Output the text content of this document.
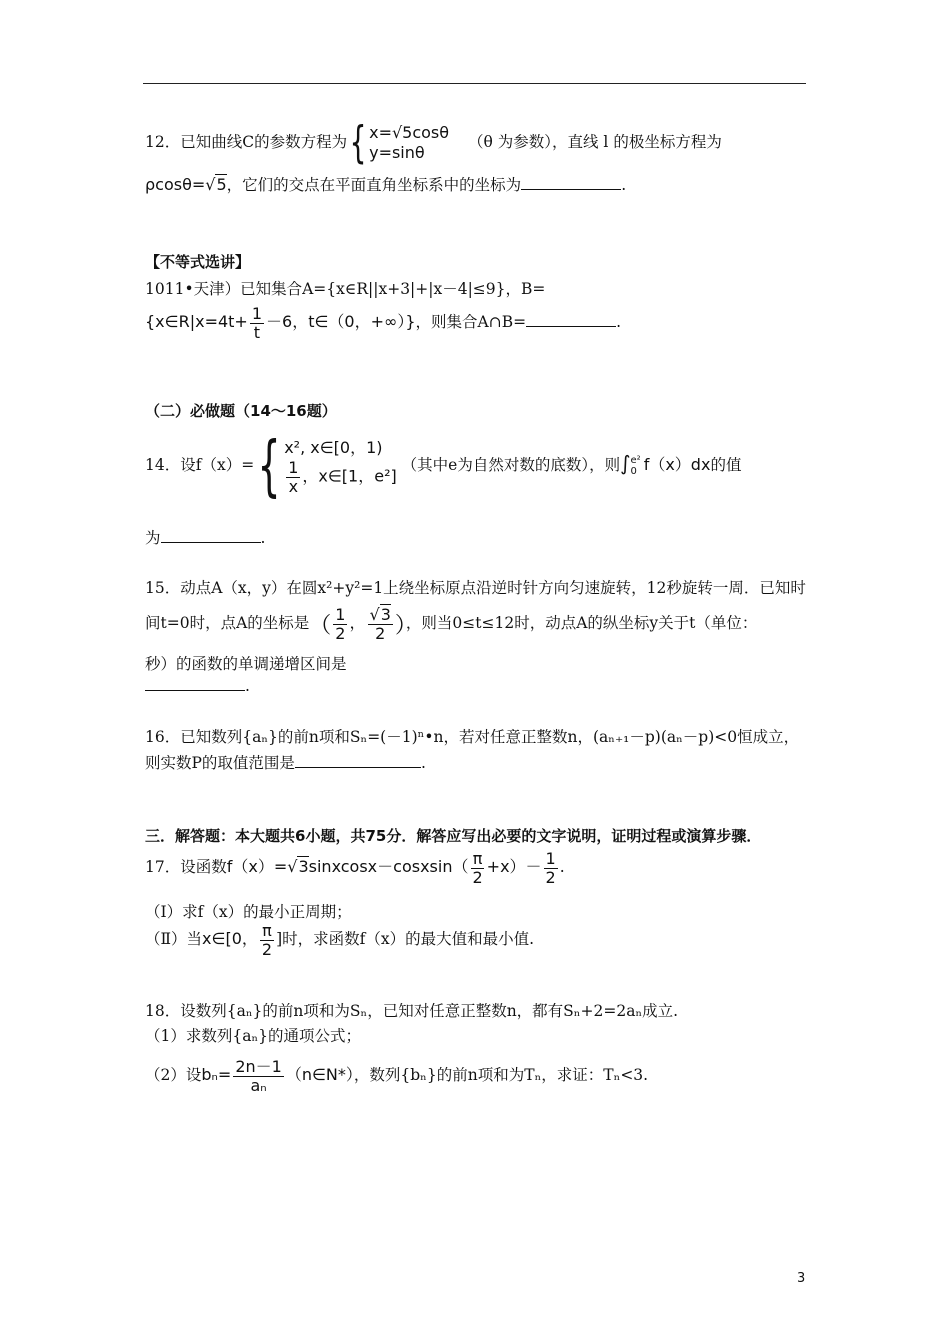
12．已知曲线C的参数方程为 { x=√5cosθ
y=sinθ
（θ 为参数），直线 l 的极坐标方程为
ρcosθ=√5，它们的交点在平面直角坐标系中的坐标为	.
【不等式选讲】
1011•天津）已知集合A={x∈R||x+3|+|x－4|≤9}，B=
{x∈R|x=4t+ $\frac{1}{t} -6$，t∈（0，+∞）}，则集合A∩B=	.
（二）必做题（14～16题）
14．设f（x）= { x², x∈[0，1)
$\frac{1}{x}$ ，x∈[1，e²]
（其中e为自然对数的底数），则∫ e²
0 f（x）dx的值
为	.
15．动点A（x，y）在圆x²+y²=1上绕坐标原点沿逆时针方向匀速旋转，12秒旋转一周．已知时
间t=0时，点A的坐标是（ $\frac{1}{2}$ ， $\frac{√3}{2}$ ），则当0≤t≤12时，动点A的纵坐标y关于t（单位：
秒）的函数的单调递增区间是
.
16．已知数列{aₙ}的前n项和Sₙ=(－1)ⁿ•n，若对任意正整数n，(aₙ₊₁－p)(aₙ－p)<0恒成立，
则实数P的取值范围是	.
三．解答题：本大题共6小题，共75分．解答应写出必要的文字说明，证明过程或演算步骤．
17．设函数f（x）=√3sinxcosx－cosxsin（ $\frac{\pi}{2} +x)- \frac{1}{2}$ .
（Ⅰ）求f（x）的最小正周期；
（Ⅱ）当x∈[0， $\frac{\pi}{2}$ ]时，求函数f（x）的最大值和最小值.
18．设数列{aₙ}的前n项和为Sₙ，已知对任意正整数n，都有Sₙ+2=2aₙ成立.
（1）求数列{aₙ}的通项公式；
（2）设$b_n= \frac{2n-1}{\text{aₙ}}$ （n∈N*），数列{bₙ}的前n项和为Tₙ，求证：Tₙ<3.
3
